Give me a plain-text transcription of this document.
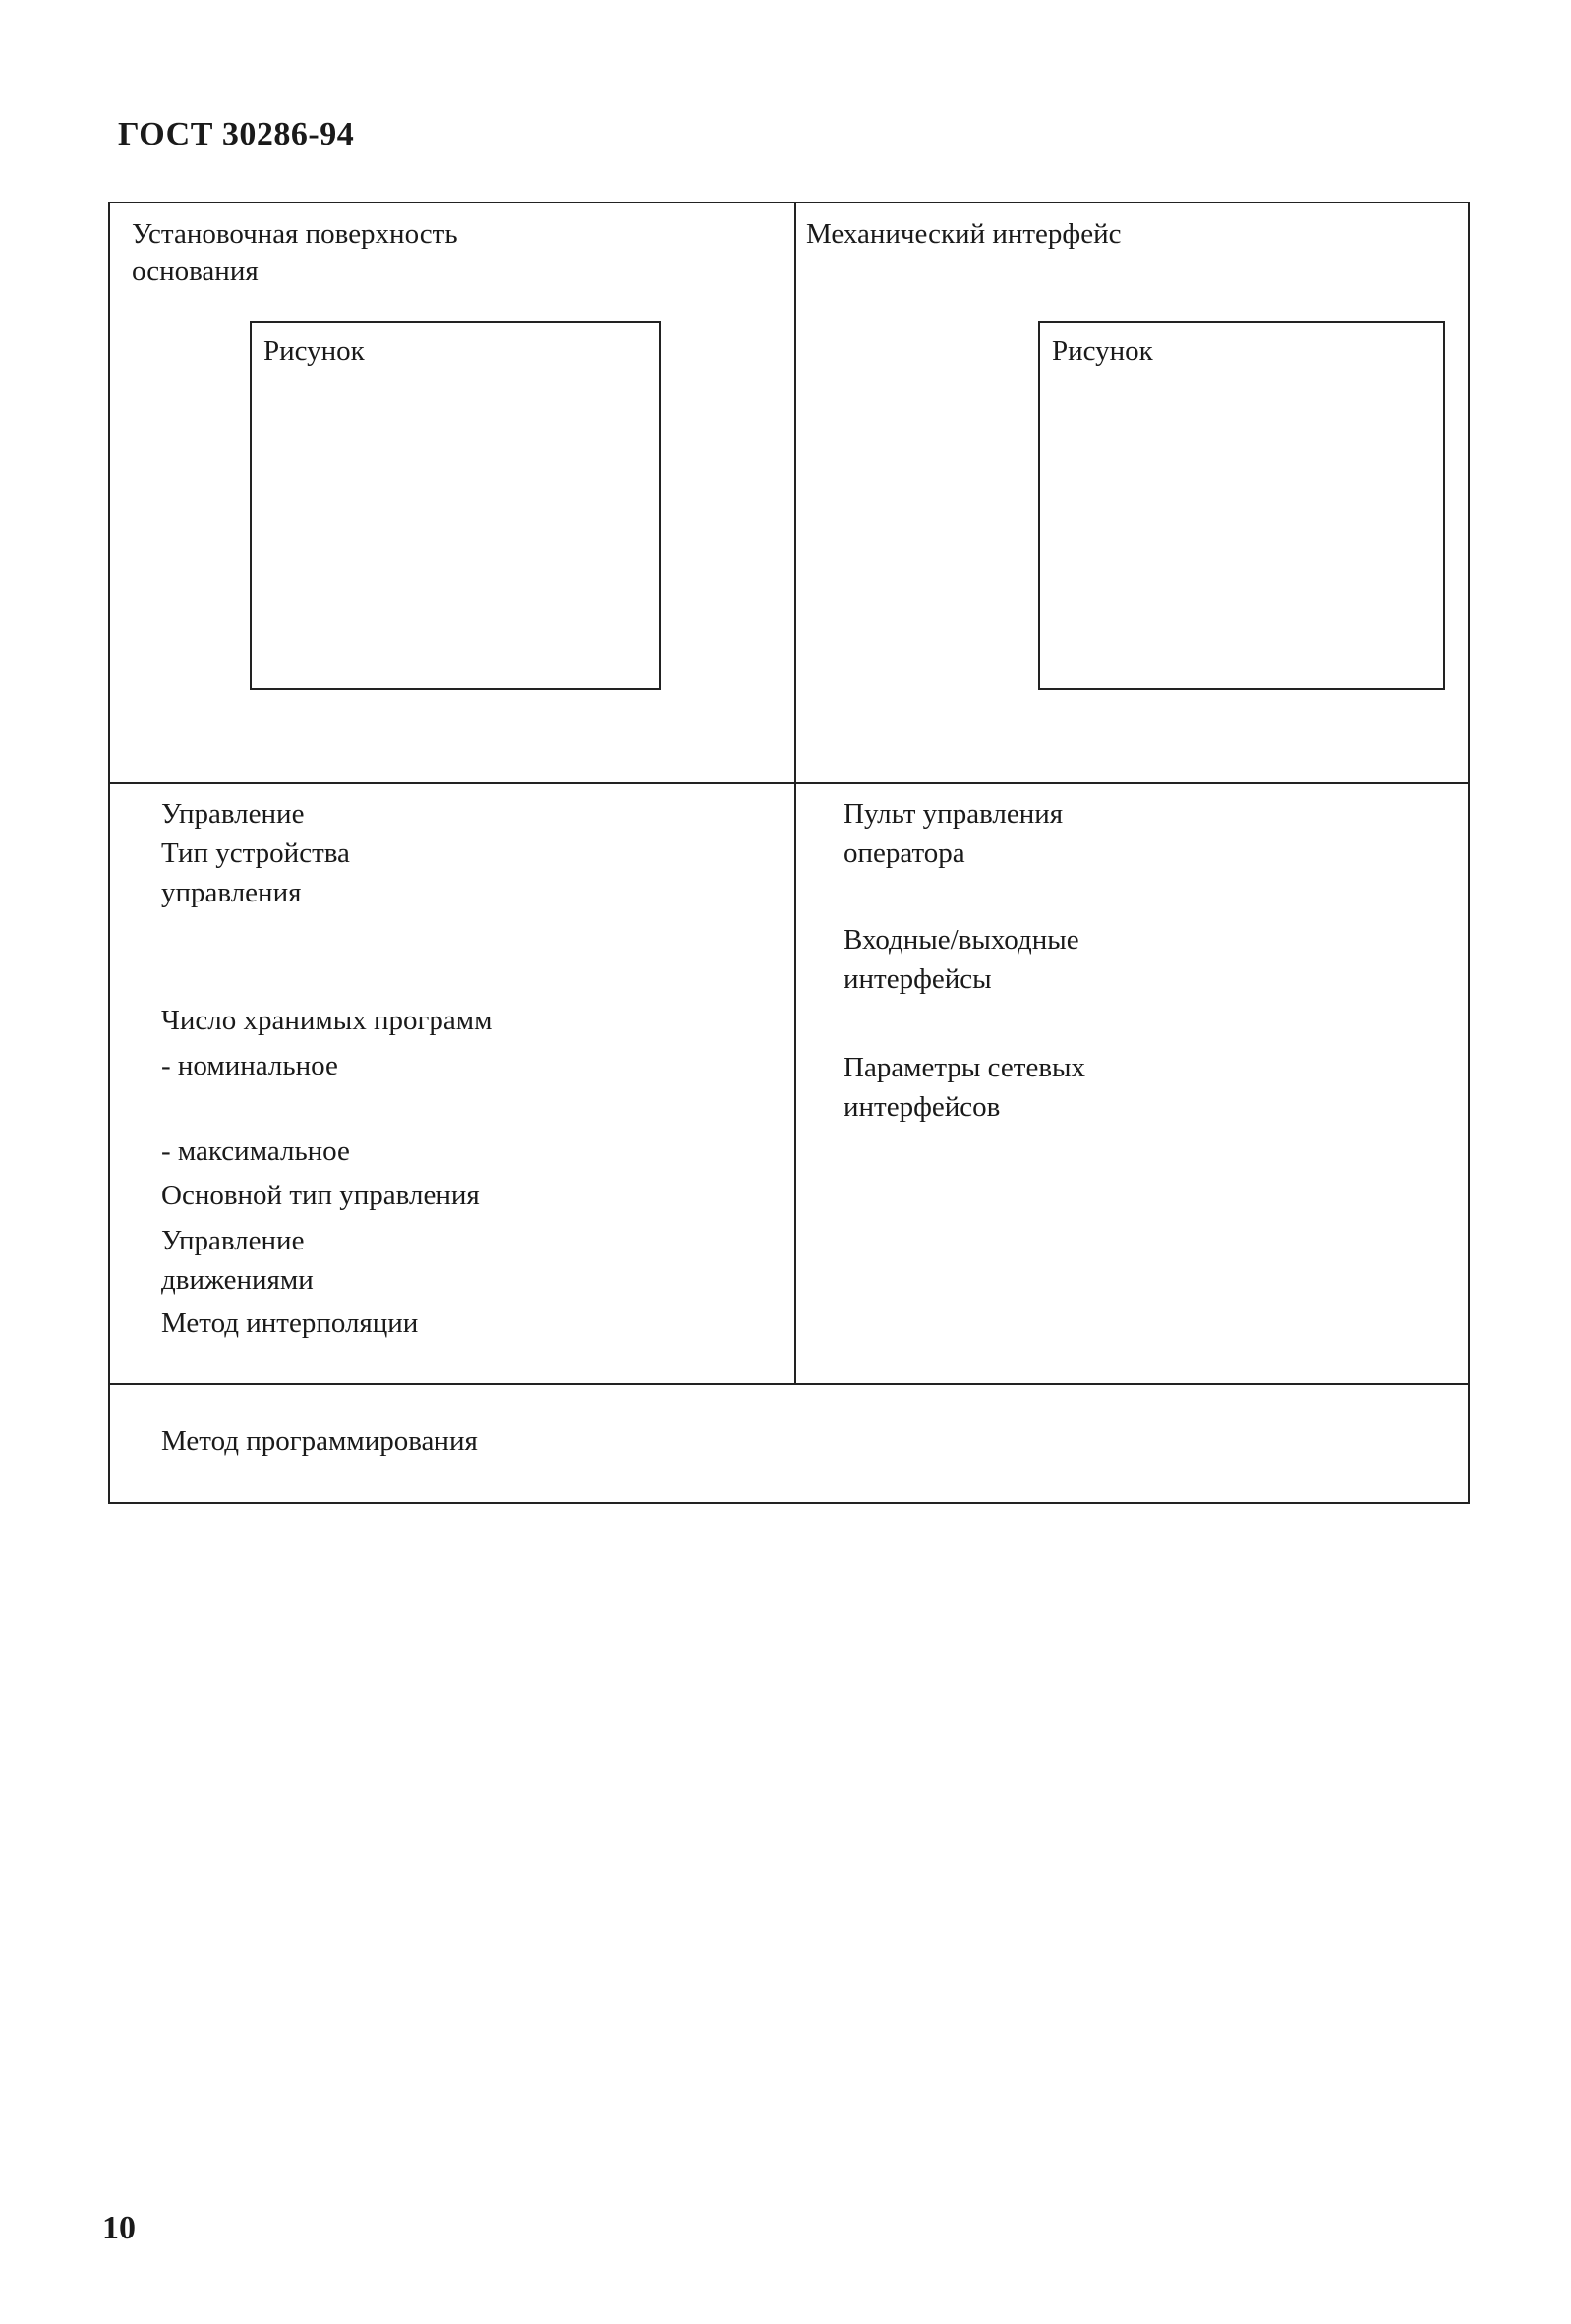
ГОСТ 30286-94
Установочная поверхность
основания
Рисунок
Механический интерфейс
Рисунок
Управление
Тип устройства
управления
Число хранимых программ
- номинальное
- максимальное
Основной тип управления
Управление
движениями
Метод интерполяции
Пульт управления
оператора
Входные/выходные
интерфейсы
Параметры сетевых
интерфейсов
Метод программирования
10
